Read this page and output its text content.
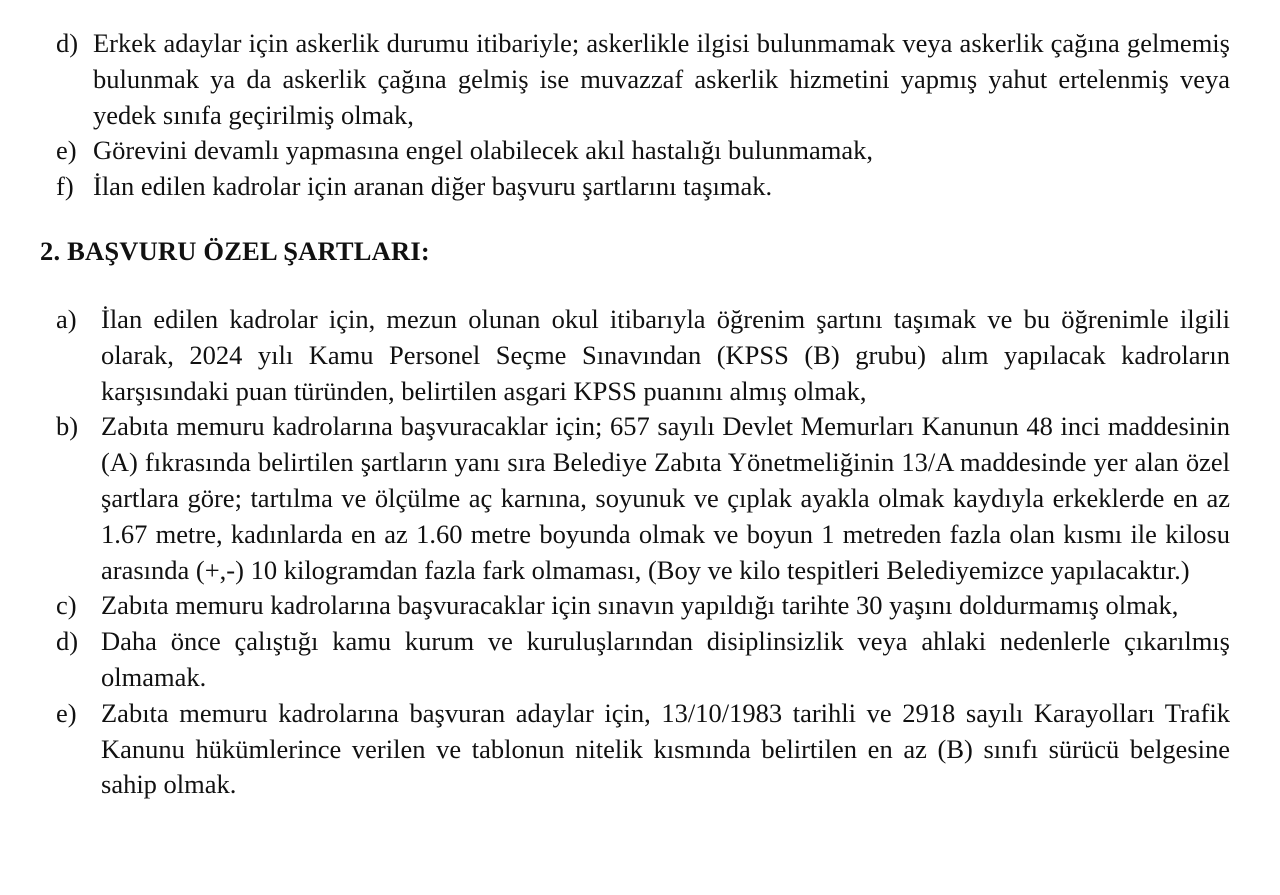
d) Erkek adaylar için askerlik durumu itibariyle; askerlikle ilgisi bulunmamak veya askerlik çağına gelmemiş bulunmak ya da askerlik çağına gelmiş ise muvazzaf askerlik hizmetini yapmış yahut ertelenmiş veya yedek sınıfa geçirilmiş olmak,
e) Görevini devamlı yapmasına engel olabilecek akıl hastalığı bulunmamak,
f) İlan edilen kadrolar için aranan diğer başvuru şartlarını taşımak.
2. BAŞVURU ÖZEL ŞARTLARI:
a) İlan edilen kadrolar için, mezun olunan okul itibarıyla öğrenim şartını taşımak ve bu öğrenimle ilgili olarak, 2024 yılı Kamu Personel Seçme Sınavından (KPSS (B) grubu) alım yapılacak kadroların karşısındaki puan türünden, belirtilen asgari KPSS puanını almış olmak,
b) Zabıta memuru kadrolarına başvuracaklar için; 657 sayılı Devlet Memurları Kanunun 48 inci maddesinin (A) fıkrasında belirtilen şartların yanı sıra Belediye Zabıta Yönetmeliğinin 13/A maddesinde yer alan özel şartlara göre; tartılma ve ölçülme aç karnına, soyunuk ve çıplak ayakla olmak kaydıyla erkeklerde en az 1.67 metre, kadınlarda en az 1.60 metre boyunda olmak ve boyun 1 metreden fazla olan kısmı ile kilosu arasında (+,-) 10 kilogramdan fazla fark olmaması, (Boy ve kilo tespitleri Belediyemizce yapılacaktır.)
c) Zabıta memuru kadrolarına başvuracaklar için sınavın yapıldığı tarihte 30 yaşını doldurmamış olmak,
d) Daha önce çalıştığı kamu kurum ve kuruluşlarından disiplinsizlik veya ahlaki nedenlerle çıkarılmış olmamak.
e) Zabıta memuru kadrolarına başvuran adaylar için, 13/10/1983 tarihli ve 2918 sayılı Karayolları Trafik Kanunu hükümlerince verilen ve tablonun nitelik kısmında belirtilen en az (B) sınıfı sürücü belgesine sahip olmak.
